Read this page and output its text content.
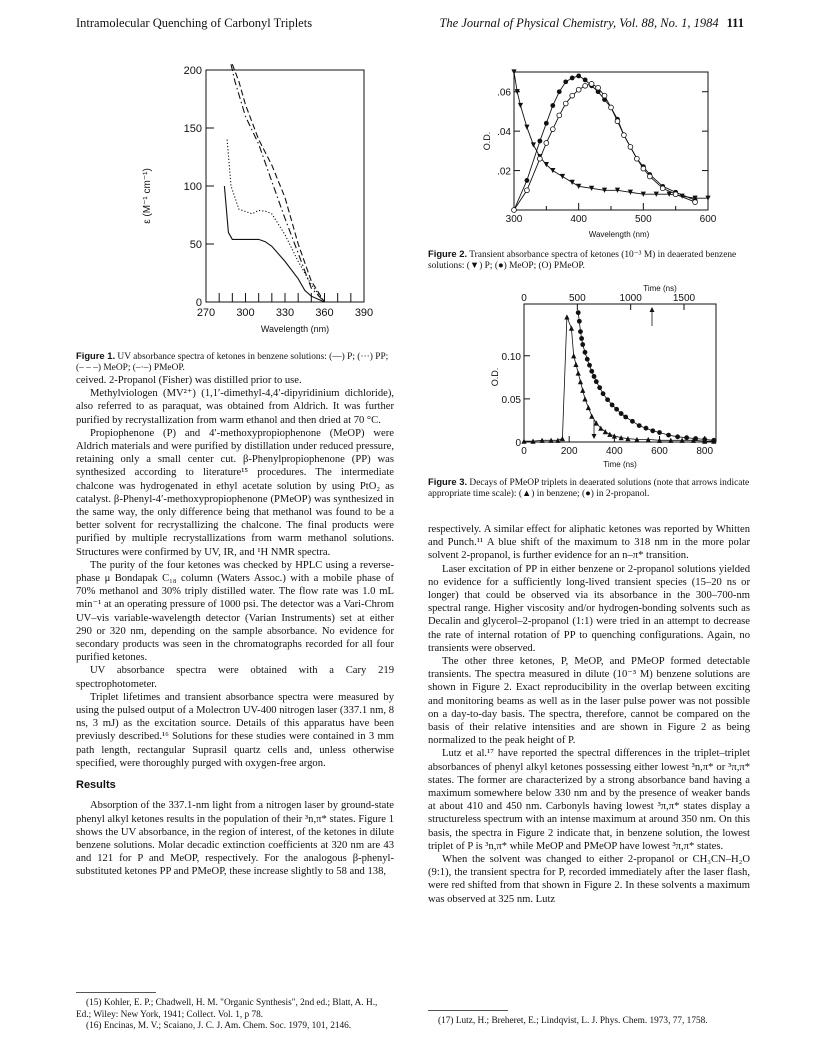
Intramolecular Quenching of Carbonyl Triplets	The Journal of Physical Chemistry, Vol. 88, No. 1, 1984 111
0
50
100
150
200
270 300 330 360 390
Wavelength (nm)
ε (M⁻¹ cm⁻¹)
Figure 1. UV absorbance spectra of ketones in benzene solutions: (—) P; (···) PP; (– – –) MeOP; (–·–) PMeOP.
.02
.04
.06
300	400	500	600
Wavelength (nm)
O.D.
Figure 2. Transient absorbance spectra of ketones (10⁻³ M) in deaerated benzene solutions: (▼) P; (●) MeOP; (O) PMeOP.
0
0.05
0.10
0	200	400	600	800
0	500	1000	1500
Time (ns)
Time (ns)
O.D.
Figure 3. Decays of PMeOP triplets in deaerated solutions (note that arrows indicate appropriate time scale): (▲) in benzene; (●) in 2-propanol.

ceived. 2-Propanol (Fisher) was distilled prior to use.

Methylviologen (MV²⁺) (1,1′-dimethyl-4,4′-dipyridinium dichloride), also referred to as paraquat, was obtained from Aldrich. It was further purified by recrystallization from warm ethanol and then dried at 70 °C.

Propiophenone (P) and 4′-methoxypropiophenone (MeOP) were Aldrich materials and were purified by distillation under reduced pressure, retaining only a small center cut. β-Phenylpropiophenone (PP) was synthesized according to literature¹⁵ procedures. The intermediate chalcone was hydrogenated in ethyl acetate solution by using PtO₂ as catalyst. β-Phenyl-4′-methoxypropiophenone (PMeOP) was synthesized in the same way, the only difference being that methanol was found to be a better solvent for recrystallizing the chalcone. The final products were purified by multiple recrystallizations from warm methanol solutions. Structures were confirmed by UV, IR, and ¹H NMR spectra.

The purity of the four ketones was checked by HPLC using a reverse-phase μ Bondapak C₁₈ column (Waters Assoc.) with a mobile phase of 70% methanol and 30% triply distilled water. The flow rate was 1.0 mL min⁻¹ at an operating pressure of 1000 psi. The detector was a Vari-Chrom UV–vis variable-wavelength detector (Varian Instruments) set at either 290 or 320 nm, depending on the sample absorbance. No evidence for secondary products was seen in the chromatographs recorded for all four purified ketones.

UV absorbance spectra were obtained with a Cary 219 spectrophotometer.

Triplet lifetimes and transient absorbance spectra were measured by using the pulsed output of a Molectron UV-400 nitrogen laser (337.1 nm, 8 ns, 3 mJ) as the excitation source. Details of this apparatus have been previusly described.¹⁶ Solutions for these studies were contained in 3 mm path length, rectangular Suprasil quartz cells and, unless otherwise specified, were thoroughly purged with oxygen-free argon.

Results

Absorption of the 337.1-nm light from a nitrogen laser by ground-state phenyl alkyl ketones results in the population of their ³n,π* states. Figure 1 shows the UV absorbance, in the region of interest, of the ketones in dilute benzene solutions. Molar decadic extinction coefficients at 320 nm are 43 and 121 for P and MeOP, respectively. For the analogous β-phenyl-substituted ketones PP and PMeOP, these increase slightly to 58 and 138,

respectively. A similar effect for aliphatic ketones was reported by Whitten and Punch.¹¹ A blue shift of the maximum to 318 nm in the more polar solvent 2-propanol, is further evidence for an n–π* transition.

Laser excitation of PP in either benzene or 2-propanol solutions yielded no evidence for a sufficiently long-lived transient species (15–20 ns or longer) that could be observed via its absorbance in the 300–700-nm spectral range. Higher viscosity and/or hydrogen-bonding solvents such as Decalin and glycerol–2-propanol (1:1) were tried in an attempt to decrease the rate of internal rotation of PP to quenching configurations. Again, no transients were observed.

The other three ketones, P, MeOP, and PMeOP formed detectable transients. The spectra measured in dilute (10⁻³ M) benzene solutions are shown in Figure 2. Exact reproducibility in the overlap between exciting and monitoring beams as well as in the laser pulse power was not possible on a day-to-day basis. The spectra, therefore, cannot be compared on the basis of their relative intensities and are shown in Figure 2 as being normalized to the peak height of P.

Lutz et al.¹⁷ have reported the spectral differences in the triplet–triplet absorbances of phenyl alkyl ketones possessing either lowest ³n,π* or ³π,π* states. The former are characterized by a strong absorbance band having a maximum somewhere below 330 nm and by the presence of weaker bands at about 410 and 450 nm. Carbonyls having lowest ³π,π* states display a structureless spectrum with an intense maximum at around 350 nm. On this basis, the spectra in Figure 2 indicate that, in benzene solution, the lowest triplet of P is ³n,π* while MeOP and PMeOP have lowest ³π,π* states.

When the solvent was changed to either 2-propanol or CH₃CN–H₂O (9:1), the transient spectra for P, recorded immediately after the laser flash, were red shifted from that shown in Figure 2. In these solvents a maximum was observed at 325 nm. Lutz

(15) Kohler, E. P.; Chadwell, H. M. "Organic Synthesis", 2nd ed.; Blatt, A. H., Ed.; Wiley: New York, 1941; Collect. Vol. 1, p 78.

(16) Encinas, M. V.; Scaiano, J. C. J. Am. Chem. Soc. 1979, 101, 2146.

(17) Lutz, H.; Breheret, E.; Lindqvist, L. J. Phys. Chem. 1973, 77, 1758.
